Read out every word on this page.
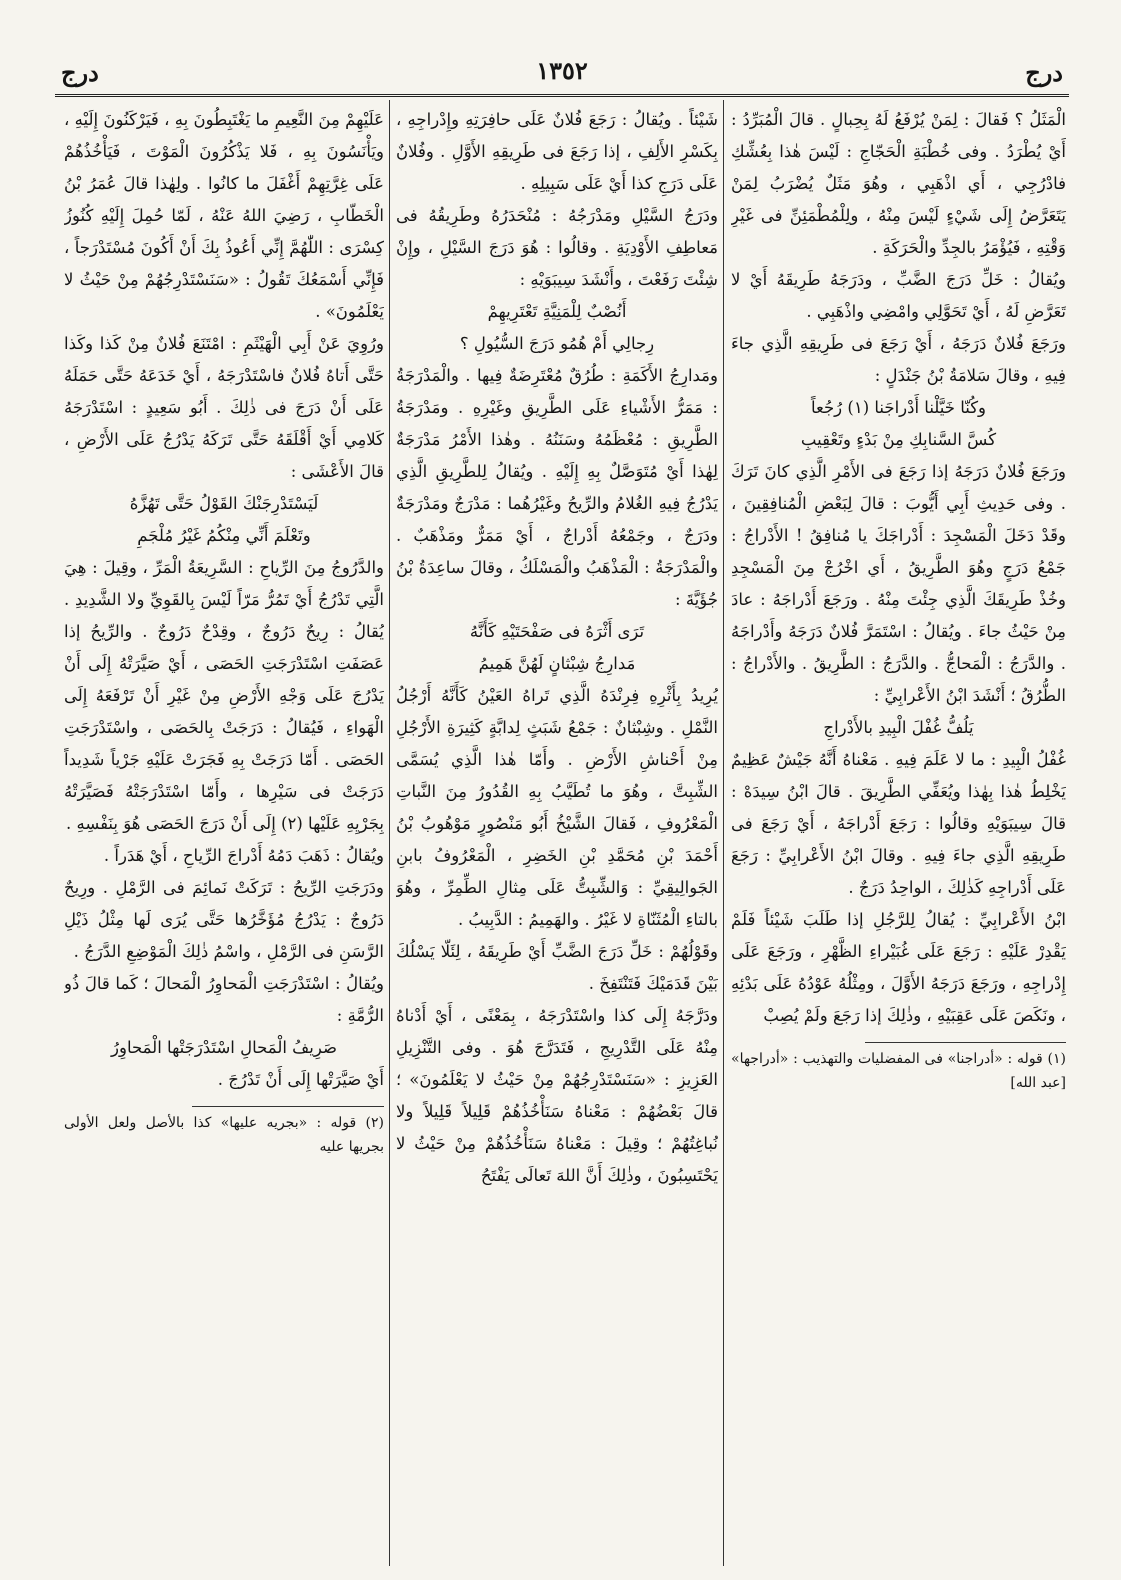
درج
١٣٥٢
درج

الْمَثَلُ ؟ فَقالَ : لِمَنْ يُرْفَعُ لَهُ بِحِبالٍ . قالَ الْمُبَرِّدُ : أَيْ يُطْرَدُ . وفى خُطْبَةِ الْحَجّاجِ : لَيْسَ هٰذا بِعُشِّكِ فادْرُجِي ، أَي اذْهَبِي ، وهُوَ مَثَلٌ يُضْرَبُ لِمَنْ يَتَعَرَّضُ إِلَى شَيْءٍ لَيْسَ مِنْهُ ، ولِلْمُطْمَئِنِّ فى غَيْرِ وَقْتِهِ ، فَيُؤْمَرُ بالجِدِّ والْحَرَكَةِ .

ويُقالُ : خَلِّ دَرَجَ الضَّبِّ ، ودَرَجَهُ طَرِيقَهُ أَيْ لا تَعَرَّضِ لَهُ ، أَيْ تَحَوَّلِي وامْضِي واذْهَبِي .

ورَجَعَ فُلانٌ دَرَجَهُ ، أَيْ رَجَعَ فى طَرِيقِهِ الَّذِي جاءَ فِيهِ ، وقالَ سَلامَةُ بْنُ جَنْدَلٍ :

وكُنّا خَيَّلْنا أَدْراجَنا (١) رُجُعاً

كُسَّ السَّنابِكِ مِنْ بَدْءٍ وتَعْقِيبِ

ورَجَعَ فُلانٌ دَرَجَهُ إذا رَجَعَ فى الأَمْرِ الَّذِي كانَ تَرَكَ . وفى حَدِيثِ أَبِي أَيُّوبَ : قالَ لِبَعْضِ الْمُنافِقِينَ ، وقَدْ دَخَلَ الْمَسْجِدَ : أَدْراجَكَ يا مُنافِقُ ! الأَدْراجُ : جَمْعُ دَرَجٍ وهُوَ الطَّرِيقُ ، أَي اخْرُجْ مِنَ الْمَسْجِدِ وخُذْ طَرِيقَكَ الَّذِي جِئْتَ مِنْهُ . ورَجَعَ أَدْراجَهُ : عادَ مِنْ حَيْثُ جاءَ . ويُقالُ : اسْتَمَرَّ فُلانٌ دَرَجَهُ وأَدْراجَهُ . والدَّرَجُ : الْمَحاجُّ . والدَّرَجُ : الطَّرِيقُ . والأَدْراجُ : الطُّرُقُ ؛ أَنْشَدَ ابْنُ الأَعْرابِيِّ :

يَلُفُّ غُفْلَ الْبِيدِ بالأَدْراجِ

غُفْلُ الْبِيدِ : ما لا عَلَمَ فِيهِ . مَعْناهُ أَنَّهُ جَيْشٌ عَظِيمٌ يَخْلِطُ هٰذا بِهٰذا ويُعَفِّي الطَّرِيقَ . قالَ ابْنُ سِيدَهْ : قالَ سِيبَوَيْهِ وقالُوا : رَجَعَ أَدْراجَهُ ، أَيْ رَجَعَ فى طَرِيقِهِ الَّذِي جاءَ فِيهِ . وقالَ ابْنُ الأَعْرابِيِّ : رَجَعَ عَلَى أَدْراجِهِ كَذٰلِكَ ، الواحِدُ دَرَجٌ .

ابْنُ الأَعْرابِيِّ : يُقالُ لِلرَّجُلِ إذا طَلَبَ شَيْئاً فَلَمْ يَقْدِرْ عَلَيْهِ : رَجَعَ عَلَى غُبَيْراءِ الظَّهْرِ ، ورَجَعَ عَلَى إِدْراجِهِ ، ورَجَعَ دَرَجَهُ الأَوَّلَ ، ومِثْلُهُ عَوْدُهُ عَلَى بَدْئِهِ ، ونَكَصَ عَلَى عَقِبَيْهِ ، وذٰلِكَ إذا رَجَعَ ولَمْ يُصِبْ

(١) قوله : «أدراجنا» فى المفضليات والتهذيب : «أدراجها» [عبد الله]

شَيْئاً . ويُقالُ : رَجَعَ فُلانٌ عَلَى حافِرَتِهِ وإِدْراجِهِ ، بِكَسْرِ الأَلِفِ ، إذا رَجَعَ فى طَرِيقِهِ الأَوَّلِ . وفُلانٌ عَلَى دَرَجِ كذا أَيْ عَلَى سَبِيلِهِ .

ودَرَجُ السَّيْلِ ومَدْرَجُهُ : مُنْحَدَرُهُ وطَرِيقُهُ فى مَعاطِفِ الأَوْدِيَةِ . وقالُوا : هُوَ دَرَجَ السَّيْلِ ، وإِنْ شِئْتَ رَفَعْتَ ، وأَنْشَدَ سِيبَوَيْهِ :

أَنُصْبٌ لِلْمَنِيَّةِ تَعْتَرِيهِمْ

رِجالِي أَمْ هُمُو دَرَجَ السُّيُولِ ؟

ومَدارِجُ الأَكَمَةِ : طُرُقٌ مُعْتَرِضَةٌ فِيها . والْمَدْرَجَةُ : مَمَرُّ الأَشْياءِ عَلَى الطَّرِيقِ وغَيْرِهِ . ومَدْرَجَةُ الطَّرِيقِ : مُعْظَمُهُ وسَنَنُهُ . وهٰذا الأَمْرُ مَدْرَجَةٌ لِهٰذا أَيْ مُتَوَصَّلٌ بِهِ إِلَيْهِ . ويُقالُ لِلطَّرِيقِ الَّذِي يَدْرُجُ فِيهِ الغُلامُ والرِّيحُ وغَيْرُهُما : مَدْرَجٌ ومَدْرَجَةٌ ودَرَجٌ ، وجَمْعُهُ أَدْراجٌ ، أَيْ مَمَرٌّ ومَذْهَبٌ . والْمَدْرَجَةُ : الْمَذْهَبُ والْمَسْلَكُ ، وقالَ ساعِدَةُ بْنُ جُؤَيَّةَ :

تَرَى أَثْرَهُ فى صَفْحَتَيْهِ كَأَنَّهُ

مَدارِجُ شِبْثانٍ لَهُنَّ هَمِيمُ

يُرِيدُ بِأَثْرِهِ فِرِنْدَهُ الَّذِي تَراهُ العَيْنُ كَأَنَّهُ أَرْجُلُ النَّمْلِ . وشِبْثانٌ : جَمْعُ شَبَثٍ لِدابَّةٍ كَثِيرَةِ الأَرْجُلِ مِنْ أَحْناشِ الأَرْضِ . وأَمّا هٰذا الَّذِي يُسَمَّى الشِّبِتَّ ، وهُوَ ما تُطَيَّبُ بِهِ القُدُورُ مِنَ النَّباتِ الْمَعْرُوفِ ، فَقالَ الشَّيْخُ أَبُو مَنْصُورٍ مَوْهُوبُ بْنُ أَحْمَدَ بْنِ مُحَمَّدِ بْنِ الخَضِرِ ، الْمَعْرُوفُ بابنِ الجَوالِيقِيِّ : وَالشِّبِتُّ عَلَى مِثالِ الطِّمِرِّ ، وهُوَ بالتاءِ الْمُثَنّاةِ لا غَيْرُ . والهَمِيمُ : الدَّبِيبُ .

وقَوْلُهُمْ : خَلِّ دَرَجَ الضَّبِّ أَيْ طَرِيقَهُ ، لِئَلّا يَسْلُكَ بَيْنَ قَدَمَيْكَ فَتَنْتَفِخَ .

ودَرَّجَهُ إِلَى كذا واسْتَدْرَجَهُ ، بِمَعْنًى ، أَيْ أَدْناهُ مِنْهُ عَلَى التَّدْرِيجِ ، فَتَدَرَّجَ هُوَ . وفى التَّنْزِيلِ العَزِيزِ : «سَنَسْتَدْرِجُهُمْ مِنْ حَيْثُ لا يَعْلَمُونَ» ؛ قالَ بَعْضُهُمْ : مَعْناهُ سَنَأْخُذُهُمْ قَلِيلاً قَلِيلاً ولا نُباغِتُهُمْ ؛ وقِيلَ : مَعْناهُ سَنَأْخُذُهُمْ مِنْ حَيْثُ لا يَحْتَسِبُونَ ، وذٰلِكَ أَنَّ اللهَ تَعالَى يَفْتَحُ

عَلَيْهِمْ مِنَ النَّعِيمِ ما يَغْتَبِطُونَ بِهِ ، فَيَرْكَنُونَ إِلَيْهِ ، ويَأْنَسُونَ بِهِ ، فَلا يَذْكُرُونَ الْمَوْتَ ، فَيَأْخُذُهُمْ عَلَى غِرَّتِهِمْ أَغْفَلَ ما كانُوا . ولِهٰذا قالَ عُمَرُ بْنُ الْخَطّابِ ، رَضِيَ اللهُ عَنْهُ ، لَمّا حُمِلَ إِلَيْهِ كُنُوزُ كِسْرَى : اللّٰهُمَّ إِنِّي أَعُوذُ بِكَ أَنْ أَكُونَ مُسْتَدْرَجاً ، فَإِنِّي أَسْمَعُكَ تَقُولُ : «سَنَسْتَدْرِجُهُمْ مِنْ حَيْثُ لا يَعْلَمُونَ» .

ورُوِيَ عَنْ أَبِي الْهَيْثَمِ : امْتَنَعَ فُلانٌ مِنْ كَذا وكَذا حَتَّى أَتاهُ فُلانٌ فاسْتَدْرَجَهُ ، أَيْ خَدَعَهُ حَتَّى حَمَلَهُ عَلَى أَنْ دَرَجَ فى ذٰلِكَ . أَبُو سَعِيدٍ : اسْتَدْرَجَهُ كَلامِي أَيْ أَقْلَقَهُ حَتَّى تَرَكَهُ يَدْرُجُ عَلَى الأَرْضِ ، قالَ الأَعْشَى :

لَيَسْتَدْرِجَنْكَ القَوْلُ حَتَّى تَهُزَّهُ

وتَعْلَمَ أَنِّي مِنْكُمُ غَيْرُ مُلْجَمِ

والدَّرُوجُ مِنَ الرِّياحِ : السَّرِيعَةُ الْمَرِّ ، وقِيلَ : هِيَ الَّتِي تَدْرُجُ أَيْ تَمُرُّ مَرّاً لَيْسَ بِالقَوِيِّ ولا الشَّدِيدِ . يُقالُ : رِيحٌ دَرُوجٌ ، وقِدْحٌ دَرُوجٌ . والرِّيحُ إذا عَصَفَتِ اسْتَدْرَجَتِ الحَصَى ، أَيْ صَيَّرَتْهُ إِلَى أَنْ يَدْرُجَ عَلَى وَجْهِ الأَرْضِ مِنْ غَيْرِ أَنْ تَرْفَعَهُ إِلَى الْهَواءِ ، فَيُقالُ : دَرَجَتْ بِالحَصَى ، واسْتَدْرَجَتِ الحَصَى . أَمّا دَرَجَتْ بِهِ فَجَرَتْ عَلَيْهِ جَرْياً شَدِيداً دَرَجَتْ فى سَيْرِها ، وأَمّا اسْتَدْرَجَتْهُ فَصَيَّرَتْهُ بِجَرْيِهِ عَلَيْها (٢) إِلَى أَنْ دَرَجَ الحَصَى هُوَ بِنَفْسِهِ .

ويُقالُ : ذَهَبَ دَمُهُ أَدْراجَ الرِّياحِ ، أَيْ هَدَراً .

ودَرَجَتِ الرِّيحُ : تَرَكَتْ نَمائِمَ فى الرَّمْلِ . ورِيحٌ دَرُوجٌ : يَدْرُجُ مُؤَخَّرُها حَتَّى يُرَى لَها مِثْلُ ذَيْلِ الرَّسَنِ فى الرَّمْلِ ، واسْمُ ذٰلِكَ الْمَوْضِعِ الدَّرَجُ .

ويُقالُ : اسْتَدْرَجَتِ الْمَحاوِرُ الْمَحالَ ؛ كَما قالَ ذُو الرُّمَّةِ :

صَرِيفُ الْمَحالِ اسْتَدْرَجَتْها الْمَحاوِرُ

أَيْ صَيَّرَتْها إِلَى أَنْ تَدْرُجَ .

(٢) قوله : «بجريه عليها» كذا بالأصل ولعل الأولى بجريها عليه
